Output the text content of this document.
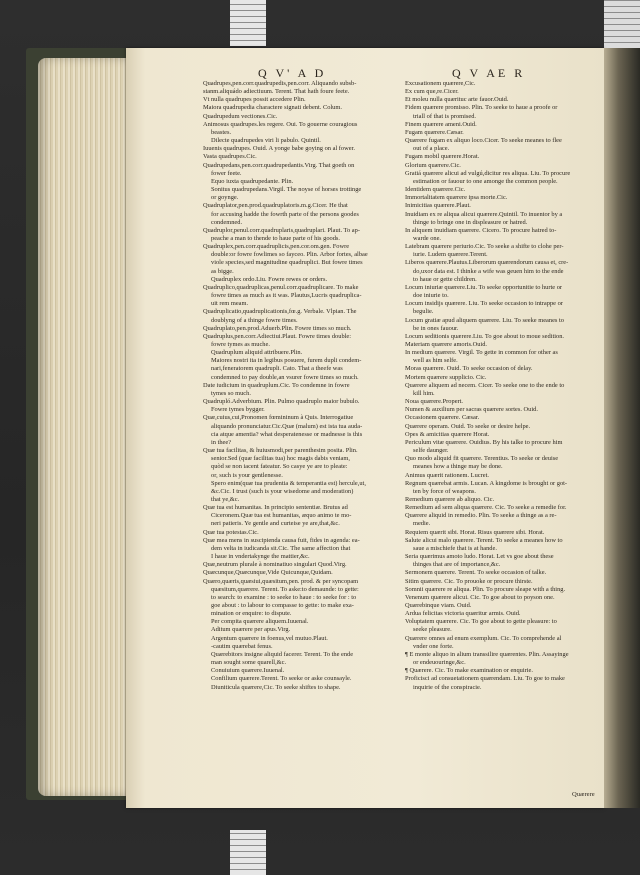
Q V' A D	Q V AE R
Quadrupes,pen.corr.quadrupedis,pen.corr. Aliquando subsb-
stanm.aliquádo adiectiuum. Terent. That hath foure feete.
Vt nulla quadrupes possit accedere Plin.
Maiora quadrupedia charactere signati debent. Colum.
Quadrupedum vectiones.Cic.
Animosus quadrupes.les regere. Oui. To gouerne couragious
beastes.
Dilecte quadrupedes viri li pabulo. Quintil.
Iuuenis quadrupes. Ouid. A yonge babe goying on al fower.
Vasta quadrupes.Cic.
Quadrupedans,pen.corr.quadrupedantis.Virg. That goeth on
fower feete.
Equo iuxta quadrupedante. Plin.
Sonitus quadrupedans.Virgil. The noyse of horses trottinge
or goynge.
Quadruplator,pen.prod.quadruplatoris.m.g.Cicer. He that
for accusing hadde the fowrth parte of the persons goodes
condemned.
Quadruplor,penul.corr.quadruplaris,quadruplari. Plaut. To ap-
peache a man to thende to haue parte of his goods.
Quadruplex,pen.corr.quadruplicis,pen.cor.om.gen. Fowre
double:or fowre fowlimes so fayceo. Plin. Arbor fortes, albae
viole species,sed magnitudine quadruplici. But fowre times
as bigge.
Quadruplex ordo.Liu. Fowre rewes or orders.
Quadruplico,quadruplicas,penul.corr.quadruplicare. To make
fowre times as much as it was. Plautus,Lucris quadruplica-
uit rem meam.
Quadruplicatio,quadruplicationis,fœ.g. Verbale. Vlpian. The
doublyng of a thinge fowre times.
Quadruplato,pen.prod.Aduerb.Plin. Fowre times so much.
Quadruplus,pen.corr.Adiectiui.Plaut. Fowre times double:
fowre tymes as muche.
Quadruplum aliquid attribuere.Plin.
Maiores nostri ita in legibus posuere, furem dupli condem-
nari,feneratorem quadrupli. Cato. That a theefe was
condemned to pay double,an vsurer fowre times so much.
Date iudicium in quadruplum.Cic. To condemne in fowre
tymes so much.
Quadrupló.Adverbium. Plin. Pulmo quadruplo maior bubulo.
Fowre tymes bygger.
Quæ,cuius,cui,Pronomen fœmininum à Quis. Interrogatiue
aliquando pronunciatur.Cic.Quæ (malum) est ista tua auda-
cia atque amentia? what desperatenesse or madnesse is this
in thee?
Quæ tua facilitas, & huiusmodi,per parenthesim posita. Plin.
senior.Sed (quæ facilitas tua) hoc magis dabis veniam,
quòd se non iacent fateatur. So casye ye are to pleate:
or, such is your gentlenesse.
Spero enim(quæ tua prudentia & temperantia est) hercule,ut,
&c.Cic. I trust (such is your wisedome and moderation)
that ye,&c.
Quæ tua est humanitas. In principio sententiæ. Brutus ad
Ciceronem.Quæ tua est humanitas, æquo animo te mo-
neri patieris. Ye gentle and curteise ye are,that,&c.
Quæ tua potestas.Cic.
Quæ mea mens in suscipienda causa fuit, fides in agenda: ea-
dem velta in iudicanda sit.Cic. The same affection that
I haue in vndertakynge the mattier,&c.
Quæ,neutrum plurale à nominatiuo singulari Quod.Virg.
Quæcunque,Quæcunque,Vide Quicunque,Quidam.
Quæro,quæris,quæsiui,quæsitum,pen. prod. & per syncopam
quæsitum,quærere. Terent. To aske:to demaunde: to gette:
to search: to examine : to seeke to haue : to seeke for : to
goe about : to labour to compasse to gette: to make exa-
mination or enquire: to dispute.
Per compita quærere aliquem.Iuuenal.
Aditum quærere per apus.Virg.
Argentum quærere in foenus,vel mutuo.Plaut.
-cautim quærebat fenus.
Quærebitors insigne aliquid facerer. Terent. To the ende
man sought some quarell,&c.
Conuiuium quærere.Iuuenal.
Confilium quærere.Terent. To seeke or aske counsayle.
Diuniticula quærere,Cic. To seeke shiftes to shape.
Excusationem quærere,Cic.
Ex cum que,re.Cicer.
Et moleu nulla quærituc arte fauor.Ouid.
Fidem quærere promisso. Plin. To seeke to haue a proofe or
triall of that is promised.
Finem quærere ameni.Ouid.
Fugam quærere.Cæsar.
Quærere fugam ex aliquo loco.Cicer. To seeke meanes to flee
out of a place.
Fugam mobil quærere.Horat.
Glorium quærere.Cic.
Gratiá quærere alicui ad vulgú,dicitur res aliqua. Liu. To procure
estimation or fauour to one amonge the common people.
Identidem quærere.Cic.
Immortalitatem quærere ipsa morte.Cic.
Inimicitias quærere.Plaut.
Inuidiam ex re aliqua alicui quærere.Quintil. To inuentor by a
thinge to bringe one in displeasure or hatred.
In aliquem inuidiam quærere. Cicero. To procure hatred to-
warde one.
Latebram quærere periurio.Cic. To seeke a shifte to clohe per-
iurie. Ludem quærere.Terent.
Liberos quærere.Plautus.Liberorum quærendorum causa et, cre-
do,uxor data est. I thinke a wife was geuen him to the ende
to haue or gette children.
Locum iniuriæ quærere.Liu. To seeke opportunitie to hurte or
doe iniurie to.
Locum insidijs quærere. Liu. To seeke occasion to intrappe or
begulie.
Locum gratiæ apud aliquem quærere. Liu. To seeke meanes to
be in ones fauour.
Locum seditionis quærere.Liu. To goe about to moue sedition.
Materiam quærere amoris.Ouid.
In medium quærere. Virgil. To gette in common for other as
well as him selfe.
Moras quærere. Ouid. To seeke occasion of delay.
Mortem quærere supplicio. Cic.
Quærere aliquem ad necem. Cicer. To seeke one to the ende to
kill him.
Noua quærere.Propert.
Numen & auxilium per sacras quærere sortes. Ouid.
Occasionem quærere. Cæsar.
Quærere operam. Ouid. To seeke or desire helpe.
Opes & amicitias quærere Horat.
Periculum vitæ quærere. Ouidius. By his talke to procure him
selfe daunger.
Quo modo aliquid fit quærere. Terentius. To seeke or deuise
meanes how a thinge may be done.
Animus quærit rationem. Lucret.
Regnum quærebat armis. Lucan. A kingdome is brought or got-
ten by force of weapons.
Remedium quærere ab aliquo. Cic.
Remedium ad sem aliqua quærere. Cic. To seeke a remedie for.
Quærere aliquid in remedio. Plin. To seeke a thinge as a re-
medie.
Requiem quærit sibi. Horat. Risus quærere sibi. Horat.
Salute alicui malo quærere. Terent. To seeke a meanes how to
saue a mischiefe that is at hande.
Seria quærimus amoto ludo. Horat. Let vs goe about these
thinges that are of importance,&c.
Sermonem quærere. Terent. To seeke occasion of talke.
Sitim quærere. Cic. To prouoke or procure thirste.
Somnii quærere re aliqua. Plin. To procure sleape with a thing.
Venenum quærere alicui. Cic. To goe about to poyson one.
Quærebinque viam. Ouid.
Ardua felicitas victoria quæritur armis. Ouid.
Voluptatem quærere. Cic. To goe about to gette pleasure: to
seeke pleasure.
Quærere omnes ad enum exemplum. Cic. To comprehende al
vnder one forte.
¶ E monte aliquo in alium transsilire quærentes. Plin. Assayinge
or endeuouringe,&c.
¶ Quærere. Cic. To make examination or enquirie.
Proficisci ad consuetationem quærendam. Liu. To goe to make
inquirie of the conspiracie.
Quærere
